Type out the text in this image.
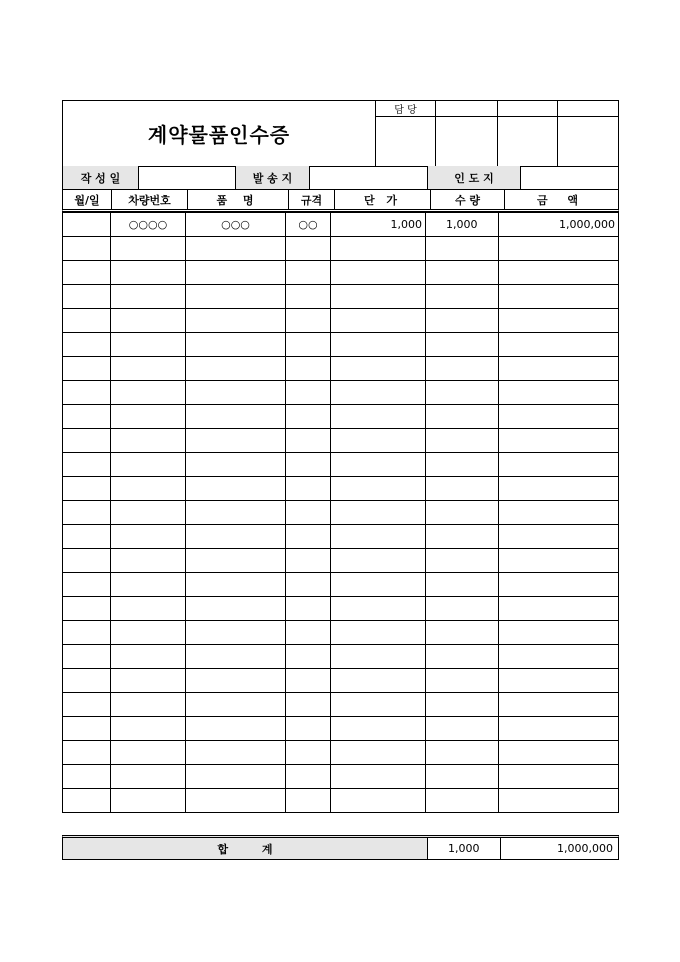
계약물품인수증
담 당
작 성 일	발 송 지	인 도 지
월/일	차량번호	품 명	규격	단 가	수 량	금 액
	○○○○	○○○	○○	1,000	1,000	1,000,000

합 계	1,000	1,000,000
